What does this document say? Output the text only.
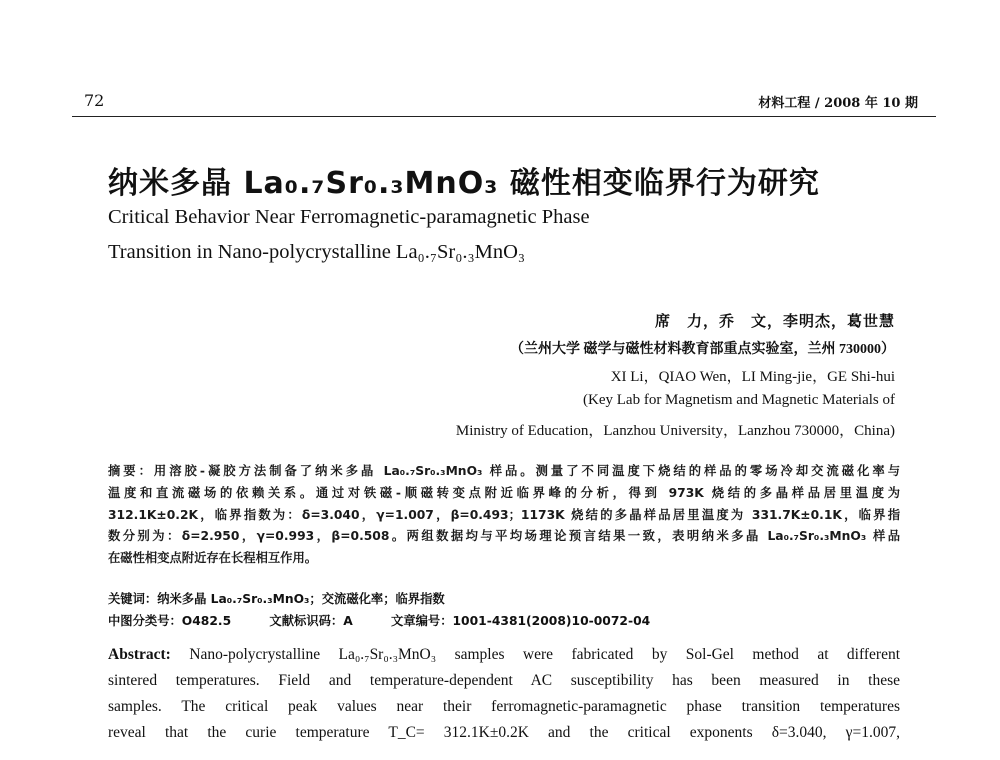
72	材料工程 / 2008 年 10 期
纳米多晶 La₀.₇Sr₀.₃MnO₃ 磁性相变临界行为研究
Critical Behavior Near Ferromagnetic-paramagnetic Phase
Transition in Nano-polycrystalline La₀.₇Sr₀.₃MnO₃
席　力，乔　文，李明杰，葛世慧
（兰州大学 磁学与磁性材料教育部重点实验室，兰州 730000）
XI Li，QIAO Wen，LI Ming-jie，GE Shi-hui
(Key Lab for Magnetism and Magnetic Materials of
Ministry of Education，Lanzhou University，Lanzhou 730000，China)

摘要：用溶胶-凝胶方法制备了纳米多晶 La₀.₇Sr₀.₃MnO₃ 样品。测量了不同温度下烧结的样品的零场冷却交流磁化率与

温度和直流磁场的依赖关系。通过对铁磁-顺磁转变点附近临界峰的分析，得到 973K 烧结的多晶样品居里温度为

312.1K±0.2K，临界指数为：δ=3.040，γ=1.007，β=0.493；1173K 烧结的多晶样品居里温度为 331.7K±0.1K，临界指

数分别为：δ=2.950，γ=0.993，β=0.508。两组数据均与平均场理论预言结果一致，表明纳米多晶 La₀.₇Sr₀.₃MnO₃ 样品

在磁性相变点附近存在长程相互作用。

关键词：纳米多晶 La₀.₇Sr₀.₃MnO₃；交流磁化率；临界指数
中图分类号：O482.5	文献标识码：A	文章编号：1001-4381(2008)10-0072-04

Abstract: Nano-polycrystalline La₀.₇Sr₀.₃MnO₃ samples were fabricated by Sol-Gel method at different

sintered temperatures. Field and temperature-dependent AC susceptibility has been measured in these

samples. The critical peak values near their ferromagnetic-paramagnetic phase transition temperatures

reveal that the curie temperature T_C= 312.1K±0.2K and the critical exponents δ=3.040, γ=1.007,
